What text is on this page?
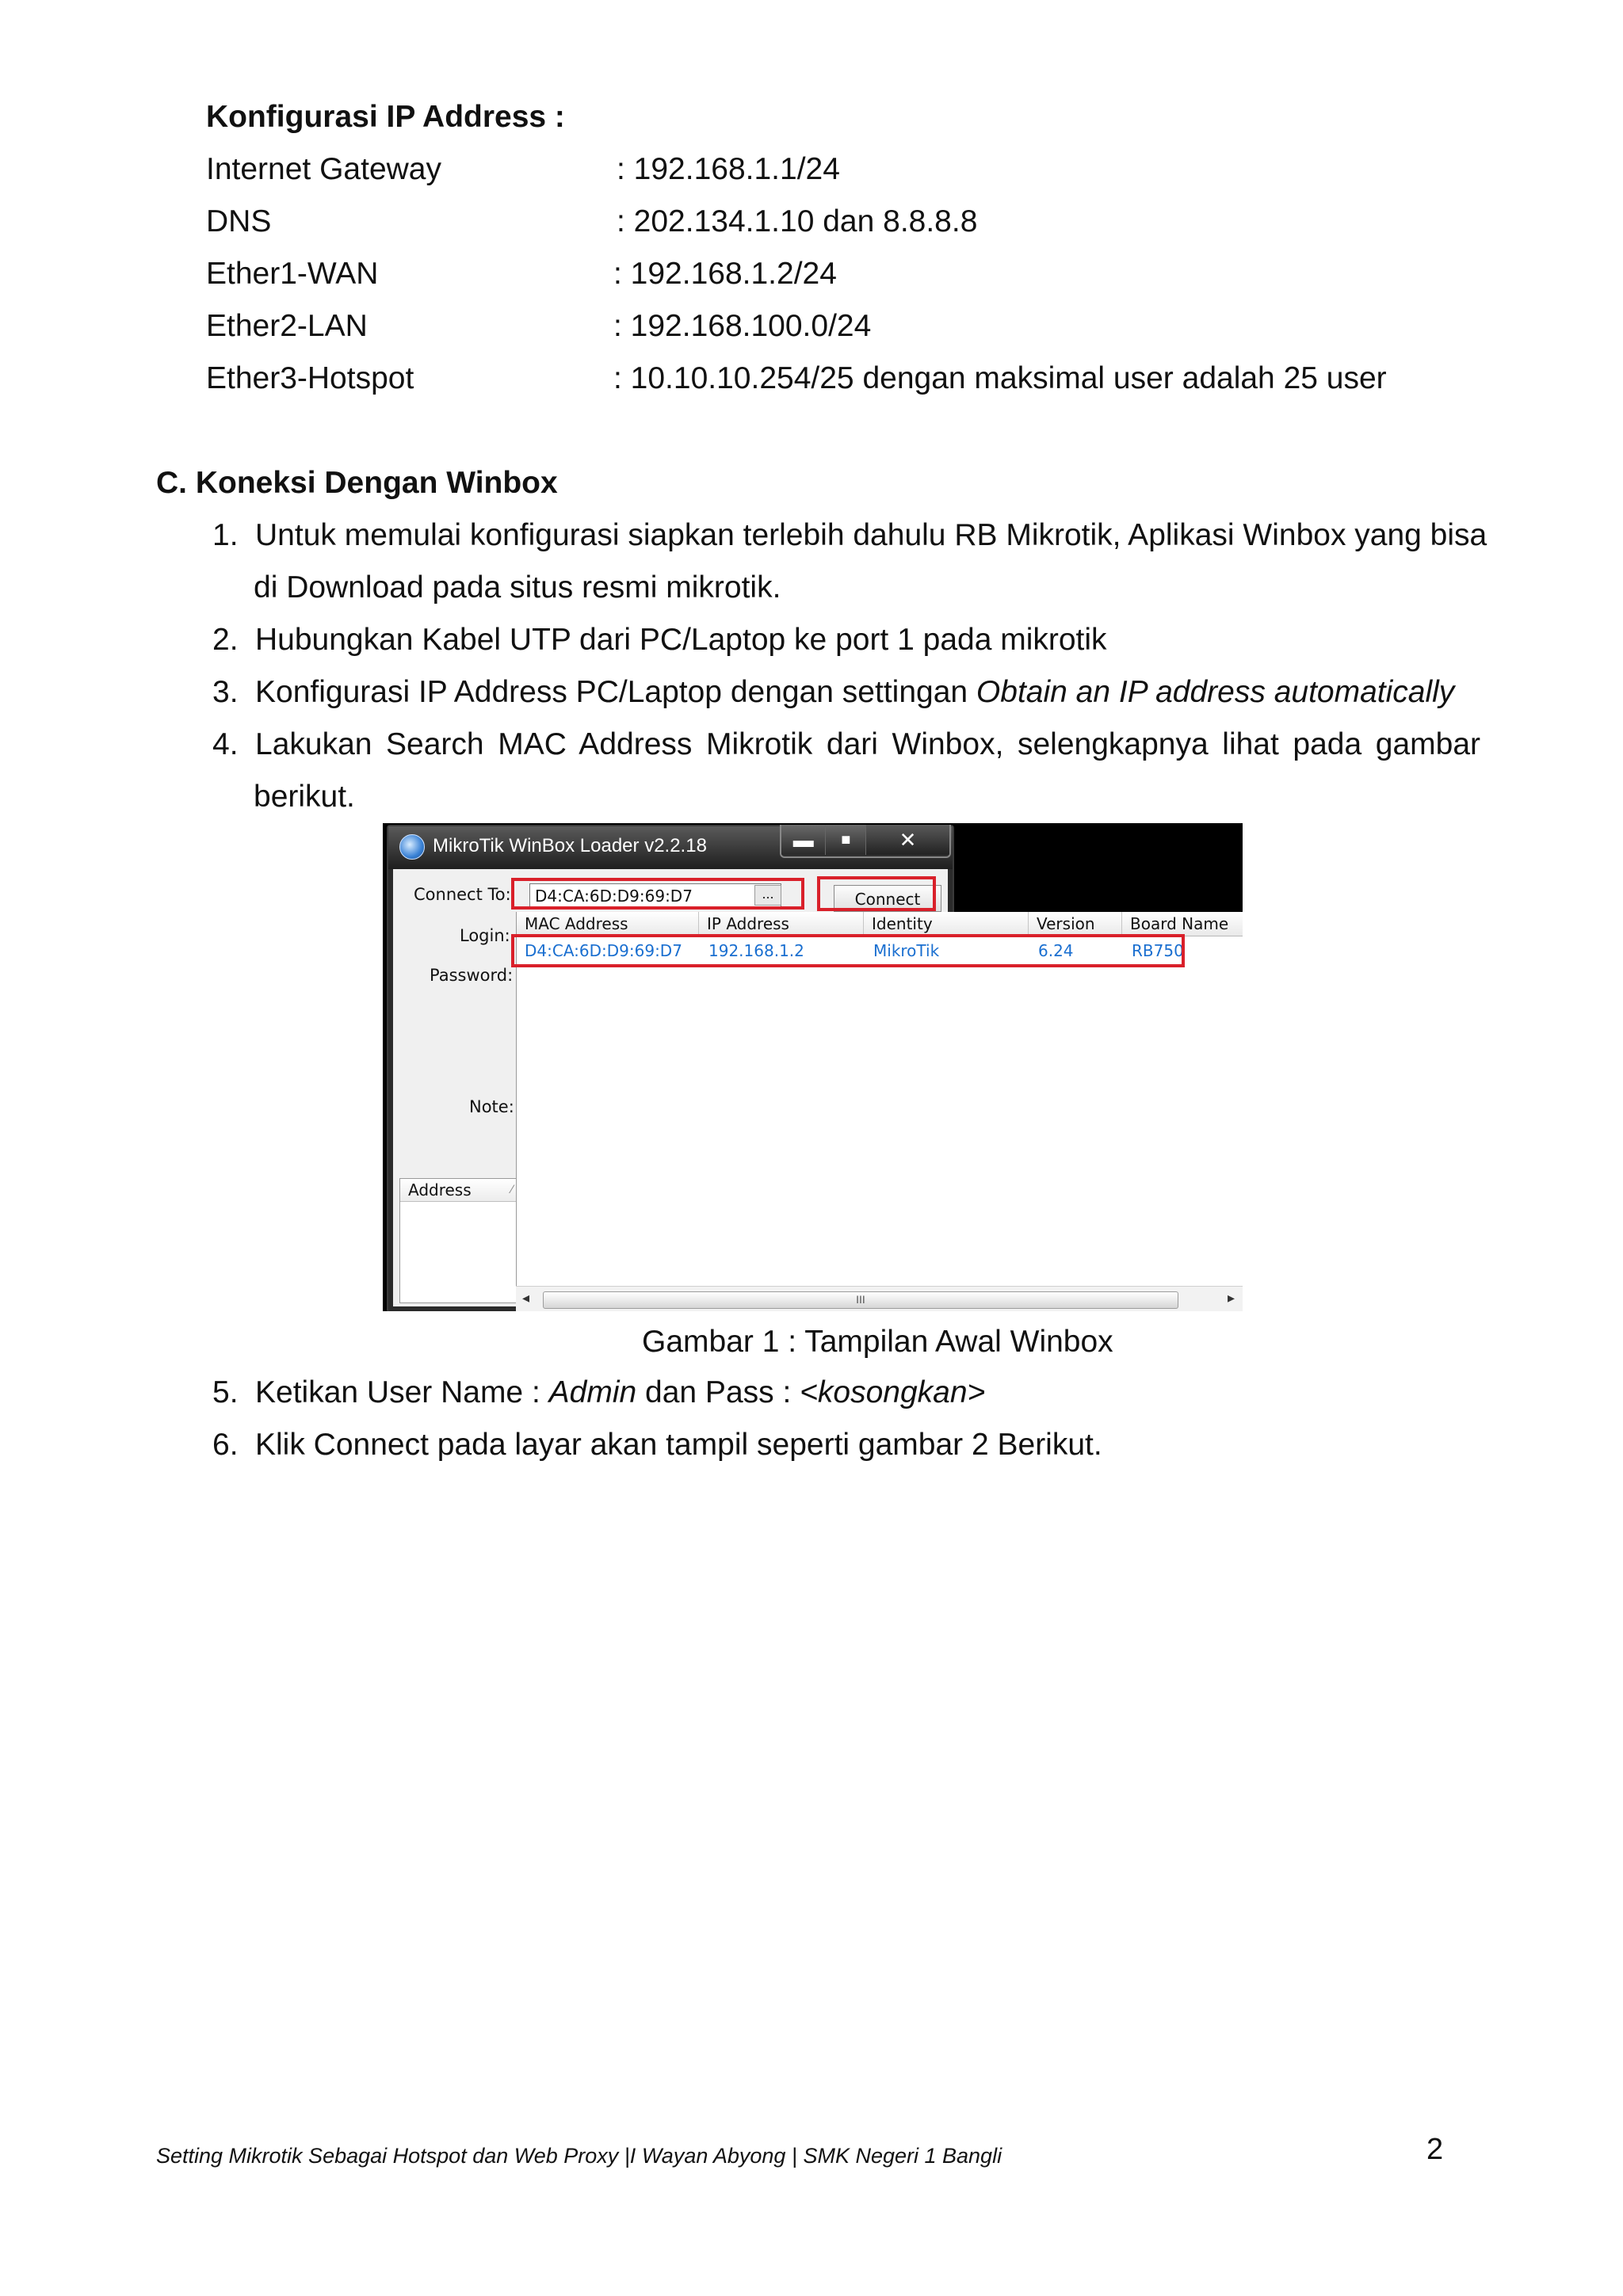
Konfigurasi IP Address :
Internet Gateway	: 192.168.1.1/24
DNS	: 202.134.1.10 dan 8.8.8.8
Ether1-WAN	: 192.168.1.2/24
Ether2-LAN	: 192.168.100.0/24
Ether3-Hotspot	: 10.10.10.254/25 dengan maksimal user adalah 25 user
C. Koneksi Dengan Winbox
1. Untuk memulai konfigurasi siapkan terlebih dahulu RB Mikrotik, Aplikasi Winbox yang bisa
di Download pada situs resmi mikrotik.
2. Hubungkan Kabel UTP dari PC/Laptop ke port 1 pada mikrotik
3. Konfigurasi IP Address PC/Laptop dengan settingan Obtain an IP address automatically
4. Lakukan Search MAC Address Mikrotik dari Winbox, selengkapnya lihat pada gambar
berikut.
MikroTik WinBox Loader v2.2.18	▬	■	✕
Connect To:	D4:CA:6D:D9:69:D7	...	Connect
Login:
Password:
Note:
Address	⁄
MAC Address	IP Address	Identity	Version	Board Name
D4:CA:6D:D9:69:D7	192.168.1.2	MikroTik	6.24	RB750
◂	III	▸
Gambar 1 : Tampilan Awal Winbox
5. Ketikan User Name : Admin dan Pass : <kosongkan>
6. Klik Connect pada layar akan tampil seperti gambar 2 Berikut.
Setting Mikrotik Sebagai Hotspot dan Web Proxy |I Wayan Abyong | SMK Negeri 1 Bangli	2
